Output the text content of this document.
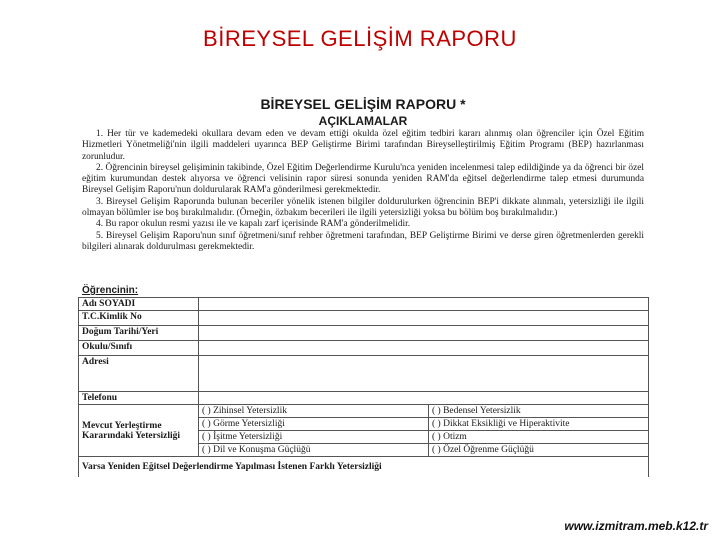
BİREYSEL GELİŞİM RAPORU
BİREYSEL GELİŞİM RAPORU *
AÇIKLAMALAR

1. Her tür ve kademedeki okullara devam eden ve devam ettiği okulda özel eğitim tedbiri kararı alınmış olan öğrenciler için Özel Eğitim Hizmetleri Yönetmeliği'nin ilgili maddeleri uyarınca BEP Geliştirme Birimi tarafından Bireyselleştirilmiş Eğitim Programı (BEP) hazırlanması zorunludur.

2. Öğrencinin bireysel gelişiminin takibinde, Özel Eğitim Değerlendirme Kurulu'nca yeniden incelenmesi talep edildiğinde ya da öğrenci bir özel eğitim kurumundan destek alıyorsa ve öğrenci velisinin rapor süresi sonunda yeniden RAM'da eğitsel değerlendirme talep etmesi durumunda Bireysel Gelişim Raporu'nun doldurularak RAM'a gönderilmesi gerekmektedir.

3. Bireysel Gelişim Raporunda bulunan beceriler yönelik istenen bilgiler doldurulurken öğrencinin BEP'i dikkate alınmalı, yetersizliği ile ilgili olmayan bölümler ise boş bırakılmalıdır. (Örneğin, özbakım becerileri ile ilgili yetersizliği yoksa bu bölüm boş bırakılmalıdır.)

4. Bu rapor okulun resmi yazısı ile ve kapalı zarf içerisinde RAM'a gönderilmelidir.

5. Bireysel Gelişim Raporu'nun sınıf öğretmeni/sınıf rehber öğretmeni tarafından, BEP Geliştirme Birimi ve derse giren öğretmenlerden gerekli bilgileri alınarak doldurulması gerekmektedir.

Öğrencinin:
Adı SOYADI		
T.C.Kimlik No		
Doğum Tarihi/Yeri		
Okulu/Sınıfı		
Adresi		
Telefonu		
Mevcut Yerleştirme Kararındaki Yetersizliği	( ) Zihinsel Yetersizlik	( ) Bedensel Yetersizlik
	( ) Görme Yetersizliği	( ) Dikkat Eksikliği ve Hiperaktivite
	( ) İşitme Yetersizliği	( ) Otizm
	( ) Dil ve Konuşma Güçlüğü	( ) Özel Öğrenme Güçlüğü
Varsa Yeniden Eğitsel Değerlendirme Yapılması İstenen Farklı Yetersizliği		
www.izmitram.meb.k12.tr
